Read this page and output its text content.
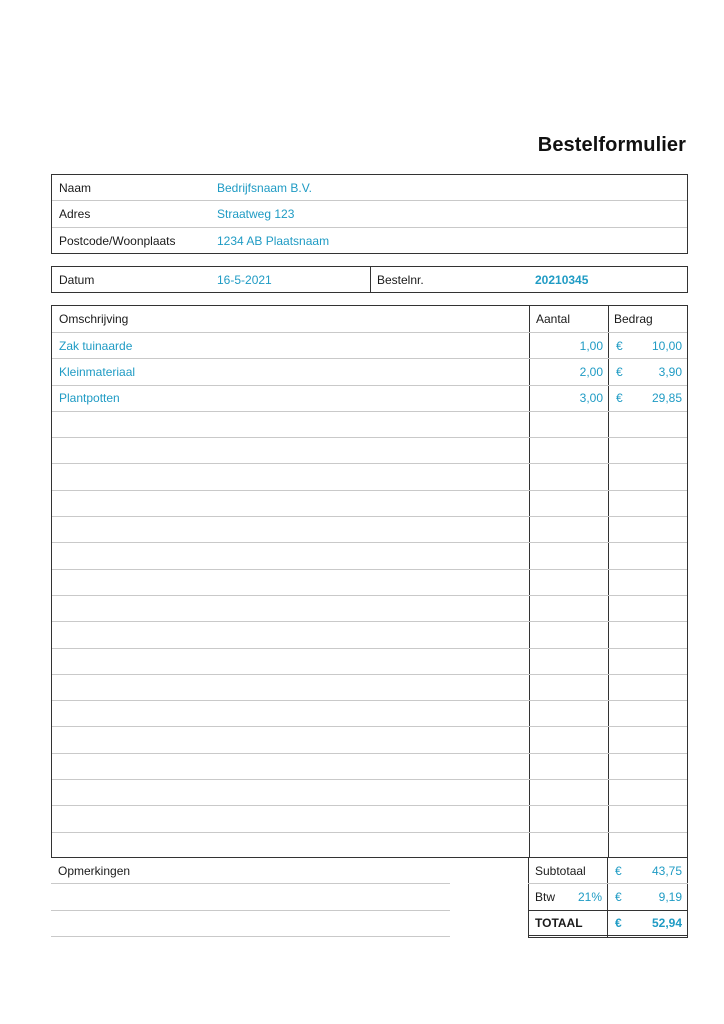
Bestelformulier
Naam	Bedrijfsnaam B.V.
Adres	Straatweg 123
Postcode/Woonplaats	1234 AB Plaatsnaam
Datum	16-5-2021	Bestelnr.	20210345
Omschrijving	Aantal	Bedrag
Zak tuinaarde	1,00 € 10,00
Kleinmateriaal	2,00 €	3,90
Plantpotten	3,00 € 29,85
Opmerkingen	Subtotaal €	43,75
Btw 21% €	9,19
TOTAAL	€	52,94
